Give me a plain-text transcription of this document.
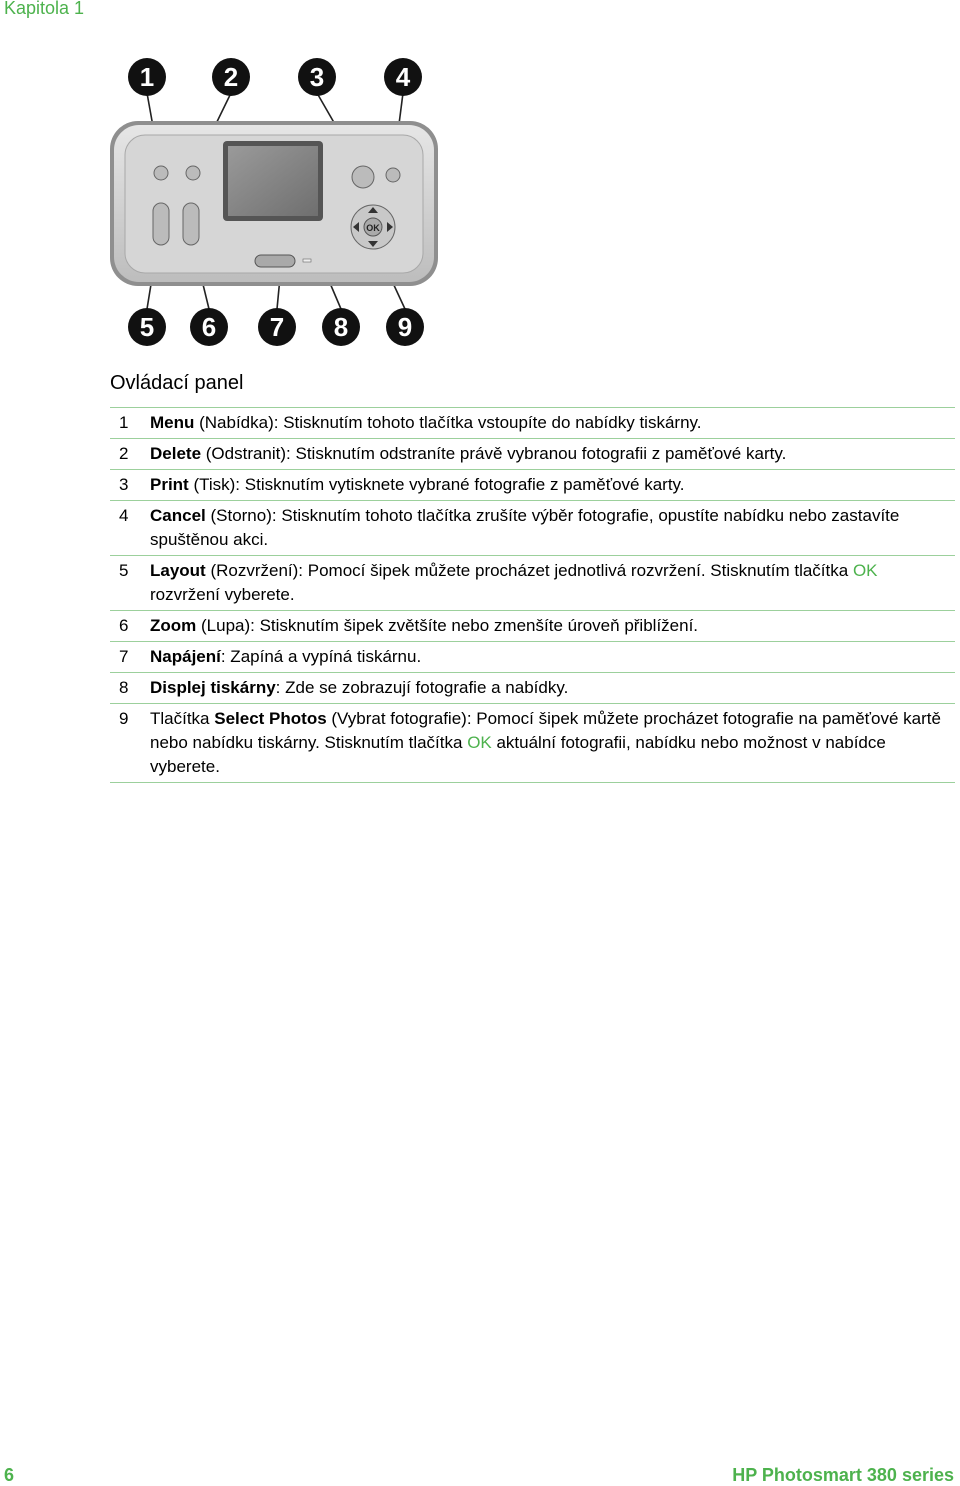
Kapitola 1
OK
1	2	3	4
5 6 7 8 9
Ovládací panel
1	Menu (Nabídka): Stisknutím tohoto tlačítka vstoupíte do nabídky tiskárny.
2	Delete (Odstranit): Stisknutím odstraníte právě vybranou fotografii z paměťové karty.
3	Print (Tisk): Stisknutím vytisknete vybrané fotografie z paměťové karty.
4	Cancel (Storno): Stisknutím tohoto tlačítka zrušíte výběr fotografie, opustíte nabídku nebo zastavíte spuštěnou akci.
5	Layout (Rozvržení): Pomocí šipek můžete procházet jednotlivá rozvržení. Stisknutím tlačítka OK rozvržení vyberete.
6	Zoom (Lupa): Stisknutím šipek zvětšíte nebo zmenšíte úroveň přiblížení.
7	Napájení: Zapíná a vypíná tiskárnu.
8	Displej tiskárny: Zde se zobrazují fotografie a nabídky.
9	Tlačítka Select Photos (Vybrat fotografie): Pomocí šipek můžete procházet fotografie na paměťové kartě nebo nabídku tiskárny. Stisknutím tlačítka OK aktuální fotografii, nabídku nebo možnost v nabídce vyberete.
6	HP Photosmart 380 series
